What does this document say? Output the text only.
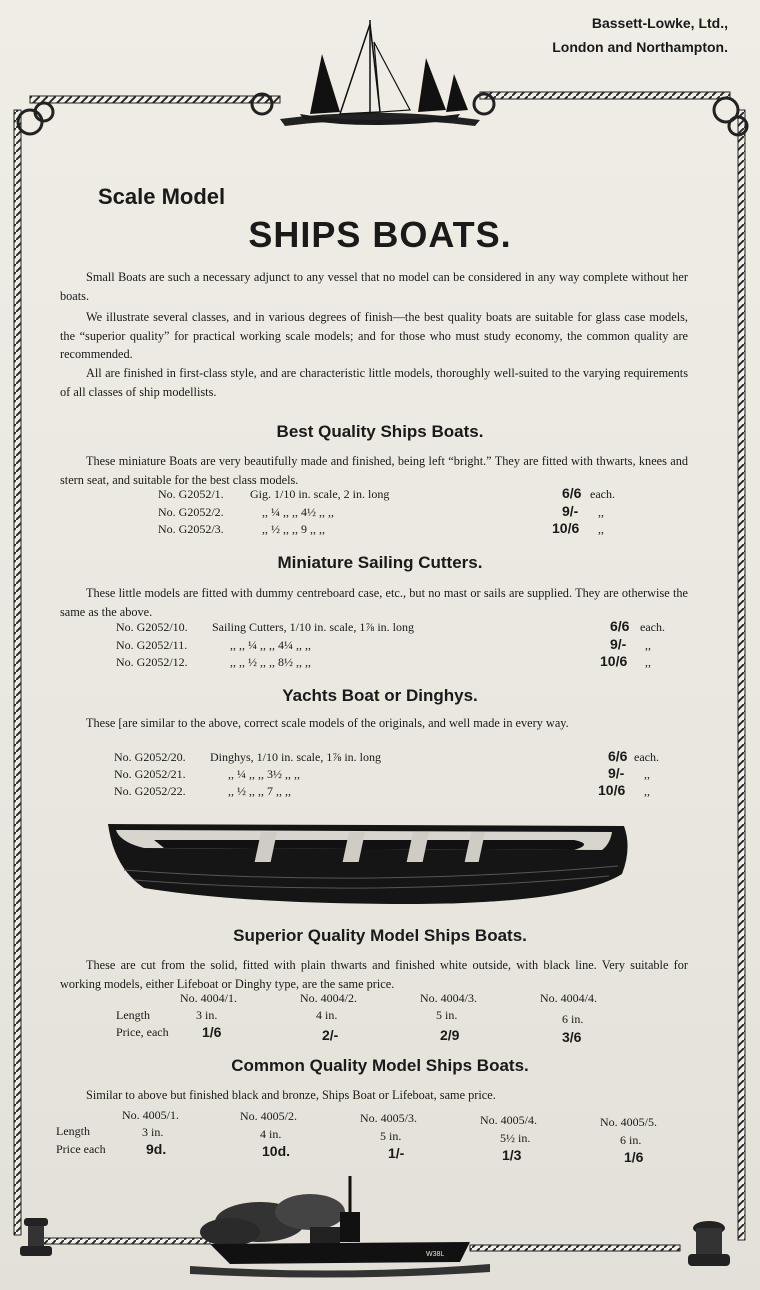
Bassett-Lowke, Ltd.,
London and Northampton.
Scale Model
SHIPS BOATS.
Small Boats are such a necessary adjunct to any vessel that no model can be considered in any way complete without her boats.
We illustrate several classes, and in various degrees of finish—the best quality boats are suitable for glass case models, the “superior quality” for practical working scale models; and for those who must study economy, the common quality are recommended.
All are finished in first-class style, and are characteristic little models, thoroughly well-suited to the varying requirements of all classes of ship modellists.
Best Quality Ships Boats.
These miniature Boats are very beautifully made and finished, being left “bright.” They are fitted with thwarts, knees and stern seat, and suitable for the best class models.
No. G2052/1. Gig. 1/10 in. scale, 2 in. long	6/6 each.
No. G2052/2.	,, ¼ ,, ,, 4½ ,, ,,	9/- ,,
No. G2052/3.	,, ½ ,, ,, 9 ,, ,,	10/6 ,,
Miniature Sailing Cutters.
These little models are fitted with dummy centreboard case, etc., but no mast or sails are supplied. They are otherwise the same as the above.
No. G2052/10. Sailing Cutters, 1/10 in. scale, 1⅞ in. long	6/6 each.
No. G2052/11.	,, ,, ¼ ,, ,, 4¼ ,, ,,	9/- ,,
No. G2052/12.	,, ,, ½ ,, ,, 8½ ,, ,,	10/6 ,,
Yachts Boat or Dinghys.
These [are similar to the above, correct scale models of the originals, and well made in every way.
No. G2052/20. Dinghys, 1/10 in. scale, 1⅞ in. long	6/6 each.
No. G2052/21.	,, ¼ ,, ,, 3½ ,, ,,	9/- ,,
No. G2052/22.	,, ½ ,, ,, 7 ,, ,,	10/6 ,,
Superior Quality Model Ships Boats.
These are cut from the solid, fitted with plain thwarts and finished white outside, with black line. Very suitable for working models, either Lifeboat or Dinghy type, are the same price.
No. 4004/1.	No. 4004/2.	No. 4004/3.	No. 4004/4.
Length	3 in.	4 in.	5 in.	6 in.
Price, each 1/6	2/-	2/9	3/6
Common Quality Model Ships Boats.
Similar to above but finished black and bronze, Ships Boat or Lifeboat, same price.
No. 4005/1.	No. 4005/2.	No. 4005/3.	No. 4005/4.	No. 4005/5.
Length	3 in.	4 in.	5 in.	5½ in.	6 in.
Price each	9d.	10d.	1/-	1/3	1/6
W38L
